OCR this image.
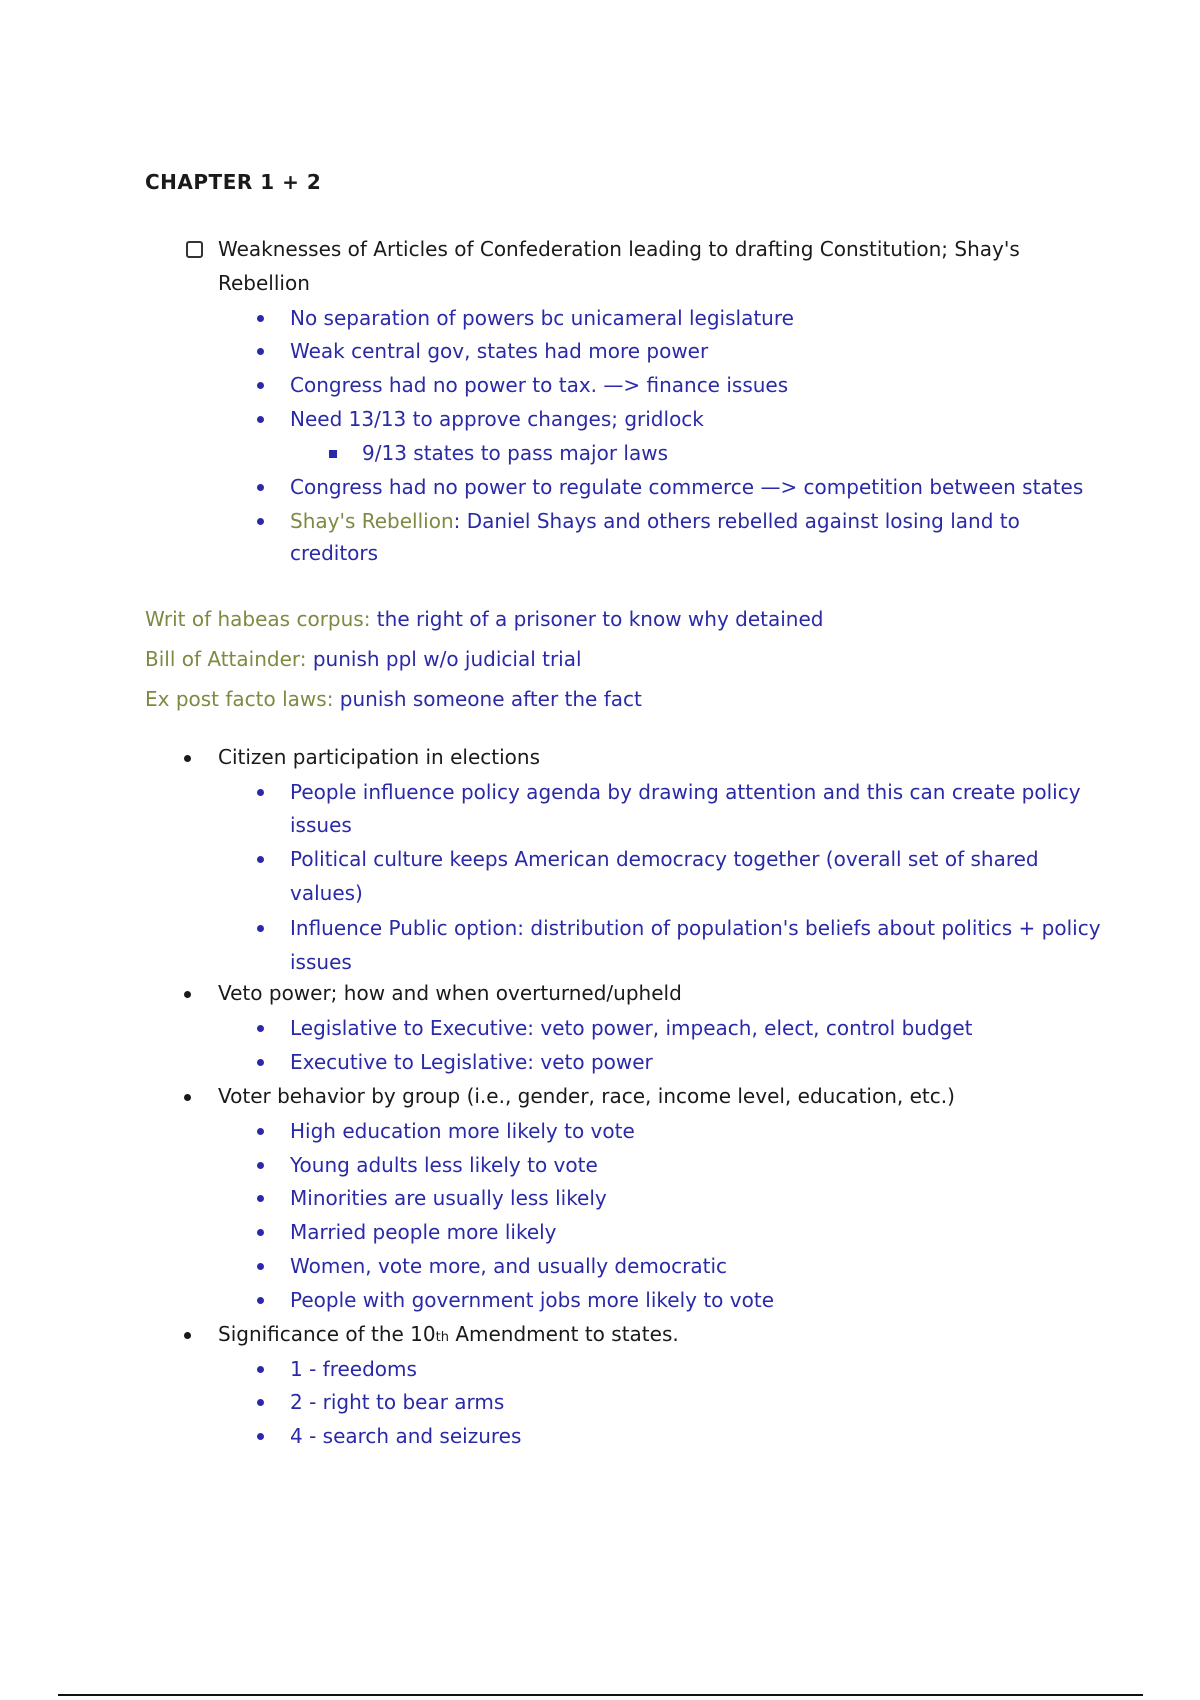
CHAPTER 1 + 2
Weaknesses of Articles of Confederation leading to drafting Constitution; Shay's
Rebellion
No separation of powers bc unicameral legislature
Weak central gov, states had more power
Congress had no power to tax. —> finance issues
Need 13/13 to approve changes; gridlock
9/13 states to pass major laws
Congress had no power to regulate commerce —> competition between states
Shay's Rebellion: Daniel Shays and others rebelled against losing land to
creditors
Writ of habeas corpus: the right of a prisoner to know why detained
Bill of Attainder: punish ppl w/o judicial trial
Ex post facto laws: punish someone after the fact
Citizen participation in elections
People influence policy agenda by drawing attention and this can create policy
issues
Political culture keeps American democracy together (overall set of shared
values)
Influence Public option: distribution of population's beliefs about politics + policy
issues
Veto power; how and when overturned/upheld
Legislative to Executive: veto power, impeach, elect, control budget
Executive to Legislative: veto power
Voter behavior by group (i.e., gender, race, income level, education, etc.)
High education more likely to vote
Young adults less likely to vote
Minorities are usually less likely
Married people more likely
Women, vote more, and usually democratic
People with government jobs more likely to vote
Significance of the 10th Amendment to states.
1 - freedoms
2 - right to bear arms
4 - search and seizures
